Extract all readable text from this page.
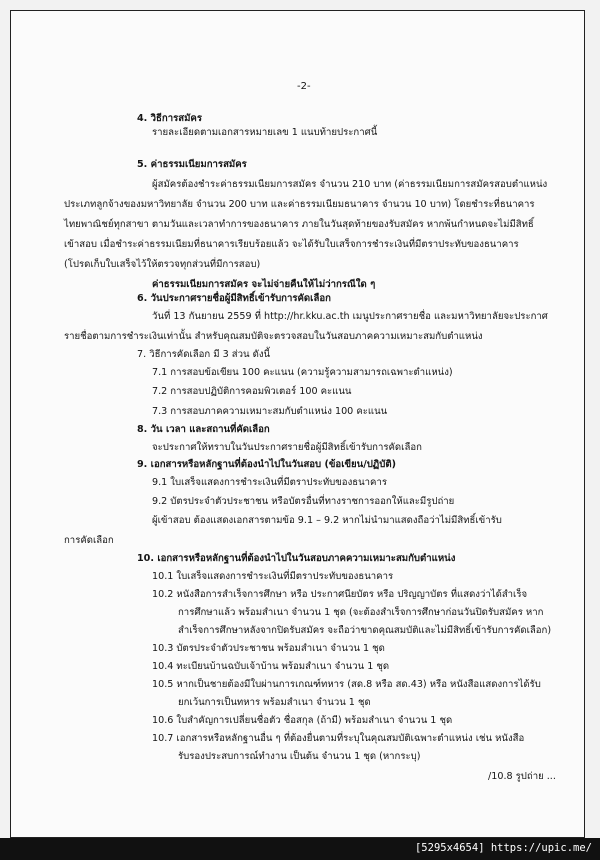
-2-
4. วิธีการสมัคร
รายละเอียดตามเอกสารหมายเลข 1 แนบท้ายประกาศนี้
5. ค่าธรรมเนียมการสมัคร
ผู้สมัครต้องชำระค่าธรรมเนียมการสมัคร จำนวน 210 บาท (ค่าธรรมเนียมการสมัครสอบตำแหน่ง
ประเภทลูกจ้างของมหาวิทยาลัย จำนวน 200 บาท และค่าธรรมเนียมธนาคาร จำนวน 10 บาท) โดยชำระที่ธนาคาร
ไทยพาณิชย์ทุกสาขา ตามวันและเวลาทำการของธนาคาร ภายในวันสุดท้ายของรับสมัคร หากพ้นกำหนดจะไม่มีสิทธิ์
เข้าสอบ เมื่อชำระค่าธรรมเนียมที่ธนาคารเรียบร้อยแล้ว จะได้รับใบเสร็จการชำระเงินที่มีตราประทับของธนาคาร
(โปรดเก็บใบเสร็จไว้ให้ตรวจทุกส่วนที่มีการสอบ)
ค่าธรรมเนียมการสมัคร จะไม่จ่ายคืนให้ไม่ว่ากรณีใด ๆ
6. วันประกาศรายชื่อผู้มีสิทธิ์เข้ารับการคัดเลือก
วันที่ 13 กันยายน 2559 ที่ http://hr.kku.ac.th เมนูประกาศรายชื่อ และมหาวิทยาลัยจะประกาศ
รายชื่อตามการชำระเงินเท่านั้น สำหรับคุณสมบัติจะตรวจสอบในวันสอบภาคความเหมาะสมกับตำแหน่ง
7. วิธีการคัดเลือก มี 3 ส่วน ดังนี้
7.1 การสอบข้อเขียน 100 คะแนน (ความรู้ความสามารถเฉพาะตำแหน่ง)
7.2 การสอบปฏิบัติการคอมพิวเตอร์ 100 คะแนน
7.3 การสอบภาคความเหมาะสมกับตำแหน่ง 100 คะแนน
8. วัน เวลา และสถานที่คัดเลือก
จะประกาศให้ทราบในวันประกาศรายชื่อผู้มีสิทธิ์เข้ารับการคัดเลือก
9. เอกสารหรือหลักฐานที่ต้องนำไปในวันสอบ (ข้อเขียน/ปฏิบัติ)
9.1 ใบเสร็จแสดงการชำระเงินที่มีตราประทับของธนาคาร
9.2 บัตรประจำตัวประชาชน หรือบัตรอื่นที่ทางราชการออกให้และมีรูปถ่าย
ผู้เข้าสอบ ต้องแสดงเอกสารตามข้อ 9.1 – 9.2 หากไม่นำมาแสดงถือว่าไม่มีสิทธิ์เข้ารับ
การคัดเลือก
10. เอกสารหรือหลักฐานที่ต้องนำไปในวันสอบภาคความเหมาะสมกับตำแหน่ง
10.1 ใบเสร็จแสดงการชำระเงินที่มีตราประทับของธนาคาร
10.2 หนังสือการสำเร็จการศึกษา หรือ ประกาศนียบัตร หรือ ปริญญาบัตร ที่แสดงว่าได้สำเร็จ
การศึกษาแล้ว พร้อมสำเนา จำนวน 1 ชุด (จะต้องสำเร็จการศึกษาก่อนวันปิดรับสมัคร หาก
สำเร็จการศึกษาหลังจากปิดรับสมัคร จะถือว่าขาดคุณสมบัติและไม่มีสิทธิ์เข้ารับการคัดเลือก)
10.3 บัตรประจำตัวประชาชน พร้อมสำเนา จำนวน 1 ชุด
10.4 ทะเบียนบ้านฉบับเจ้าบ้าน พร้อมสำเนา จำนวน 1 ชุด
10.5 หากเป็นชายต้องมีใบผ่านการเกณฑ์ทหาร (สด.8 หรือ สด.43) หรือ หนังสือแสดงการได้รับ
ยกเว้นการเป็นทหาร พร้อมสำเนา จำนวน 1 ชุด
10.6 ใบสำคัญการเปลี่ยนชื่อตัว ชื่อสกุล (ถ้ามี) พร้อมสำเนา จำนวน 1 ชุด
10.7 เอกสารหรือหลักฐานอื่น ๆ ที่ต้องยื่นตามที่ระบุในคุณสมบัติเฉพาะตำแหน่ง เช่น หนังสือ
รับรองประสบการณ์ทำงาน เป็นต้น จำนวน 1 ชุด (หากระบุ)
/10.8 รูปถ่าย ...
[5295x4654] https://upic.me/
